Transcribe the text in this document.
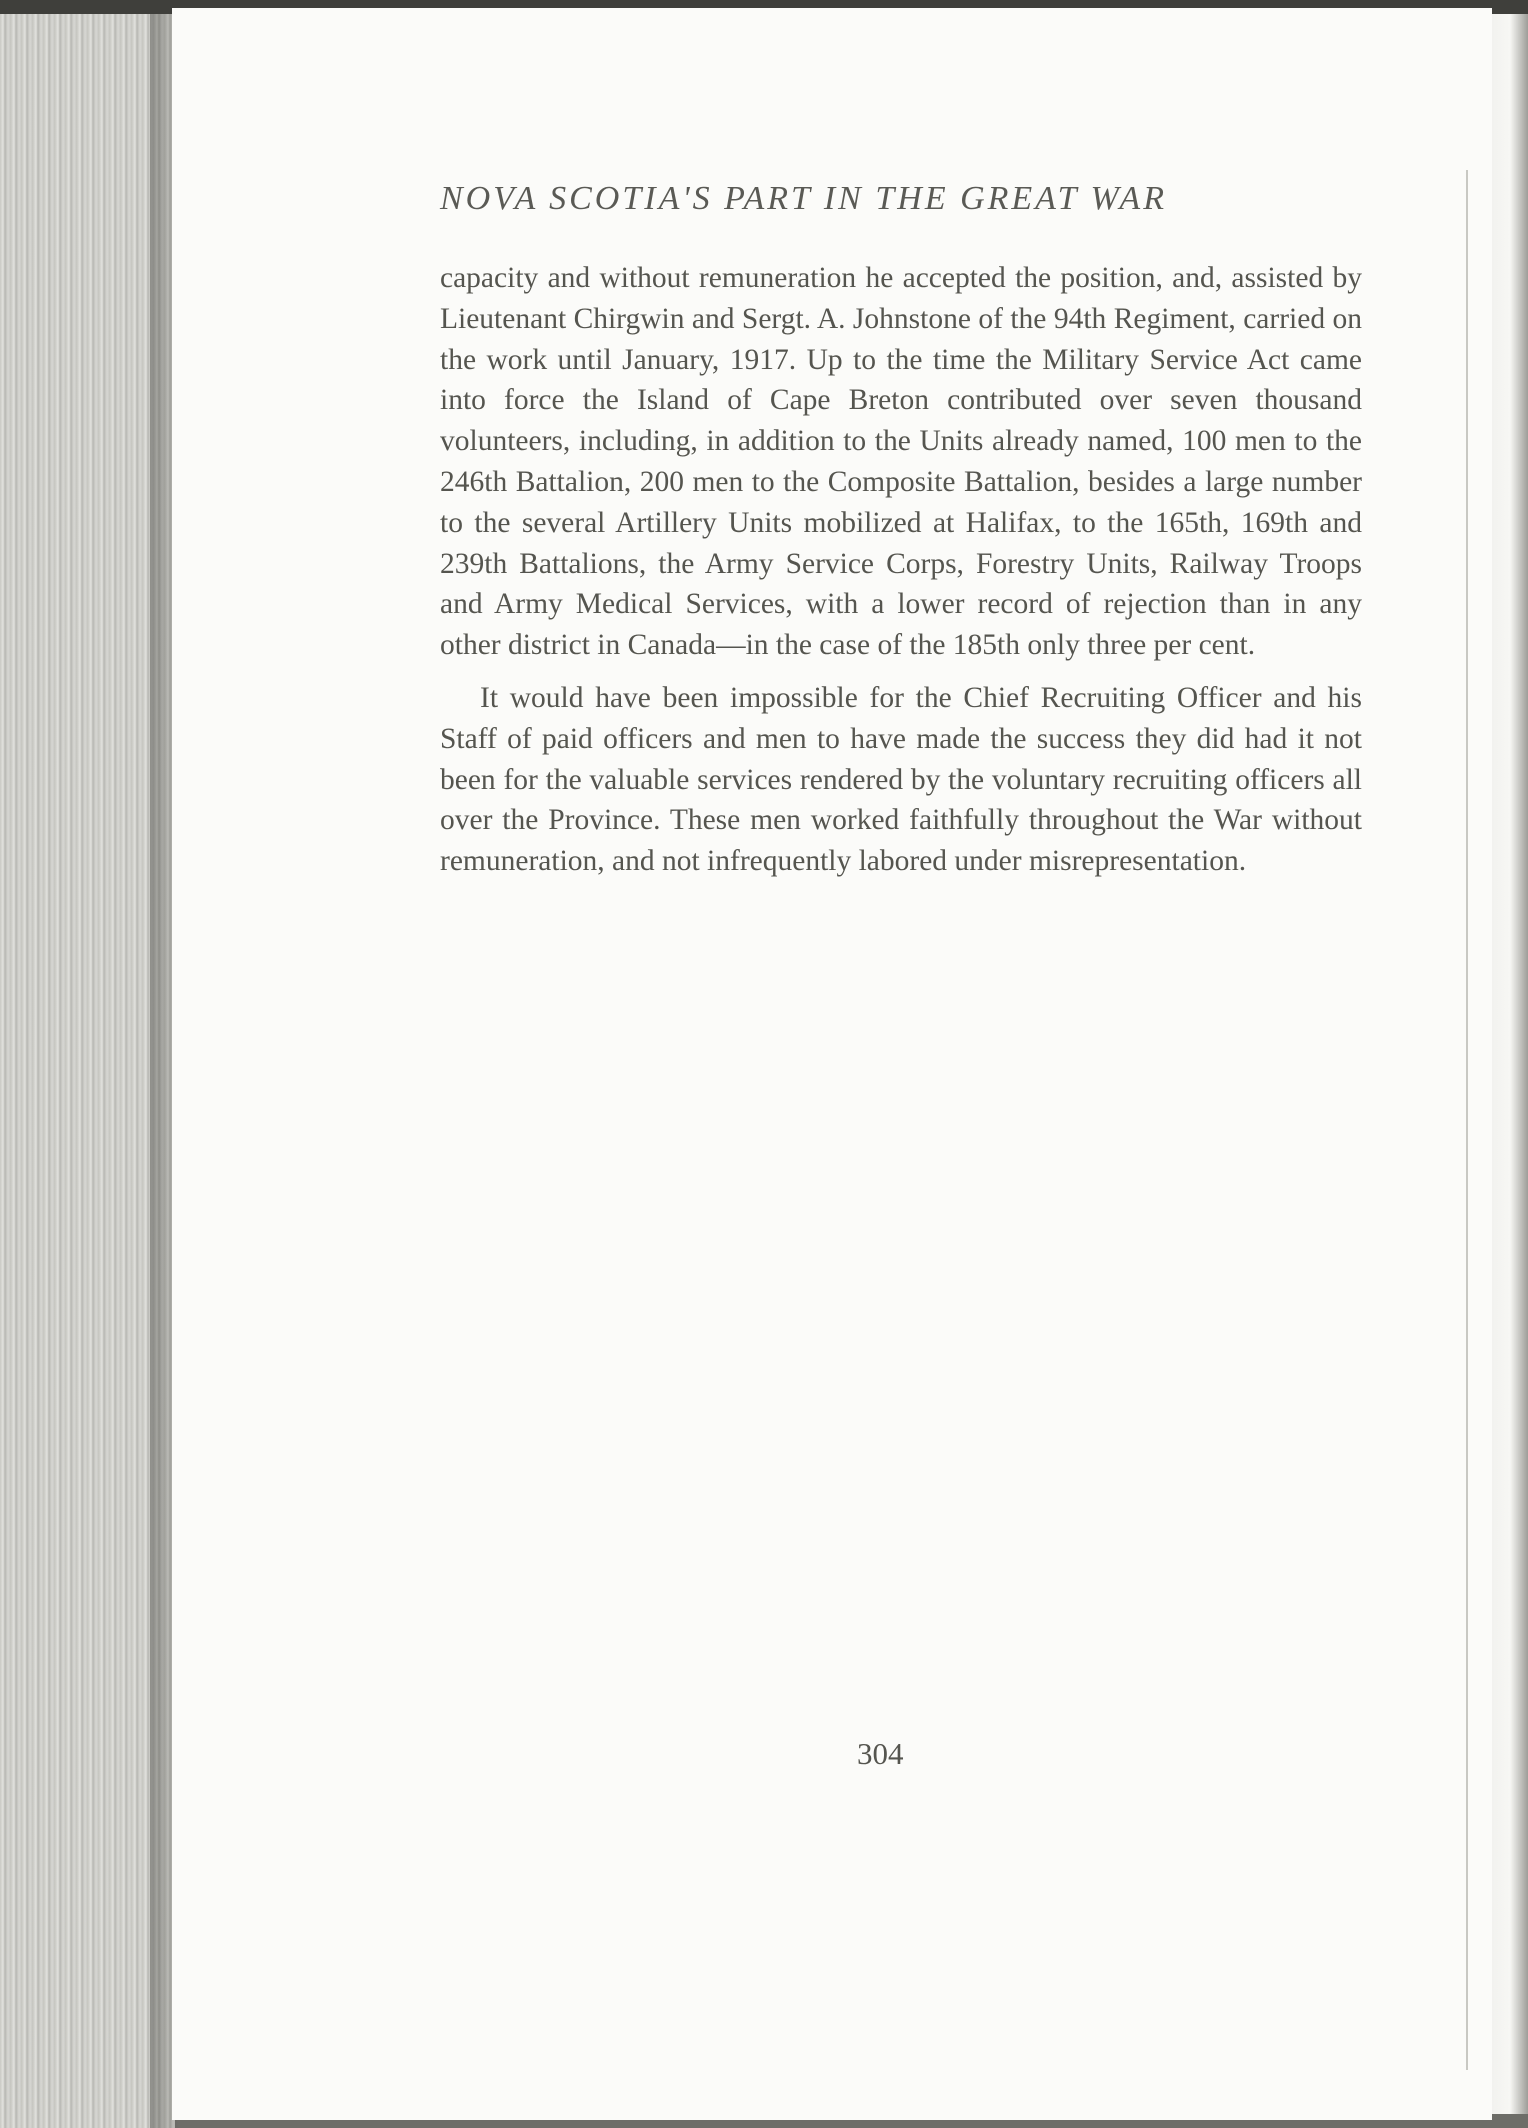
NOVA SCOTIA'S PART IN THE GREAT WAR

capacity and without remuneration he accepted the position, and, assisted by Lieutenant Chirgwin and Sergt. A. Johnstone of the 94th Regiment, carried on the work until January, 1917. Up to the time the Military Service Act came into force the Island of Cape Breton contributed over seven thousand volunteers, including, in addition to the Units already named, 100 men to the 246th Battalion, 200 men to the Composite Battalion, besides a large number to the several Artillery Units mobilized at Halifax, to the 165th, 169th and 239th Battalions, the Army Service Corps, Forestry Units, Railway Troops and Army Medical Services, with a lower record of rejection than in any other district in Canada—in the case of the 185th only three per cent.

It would have been impossible for the Chief Recruiting Officer and his Staff of paid officers and men to have made the success they did had it not been for the valuable services rendered by the voluntary recruiting officers all over the Province. These men worked faithfully throughout the War without remuneration, and not infrequently labored under misrepresentation.

304
